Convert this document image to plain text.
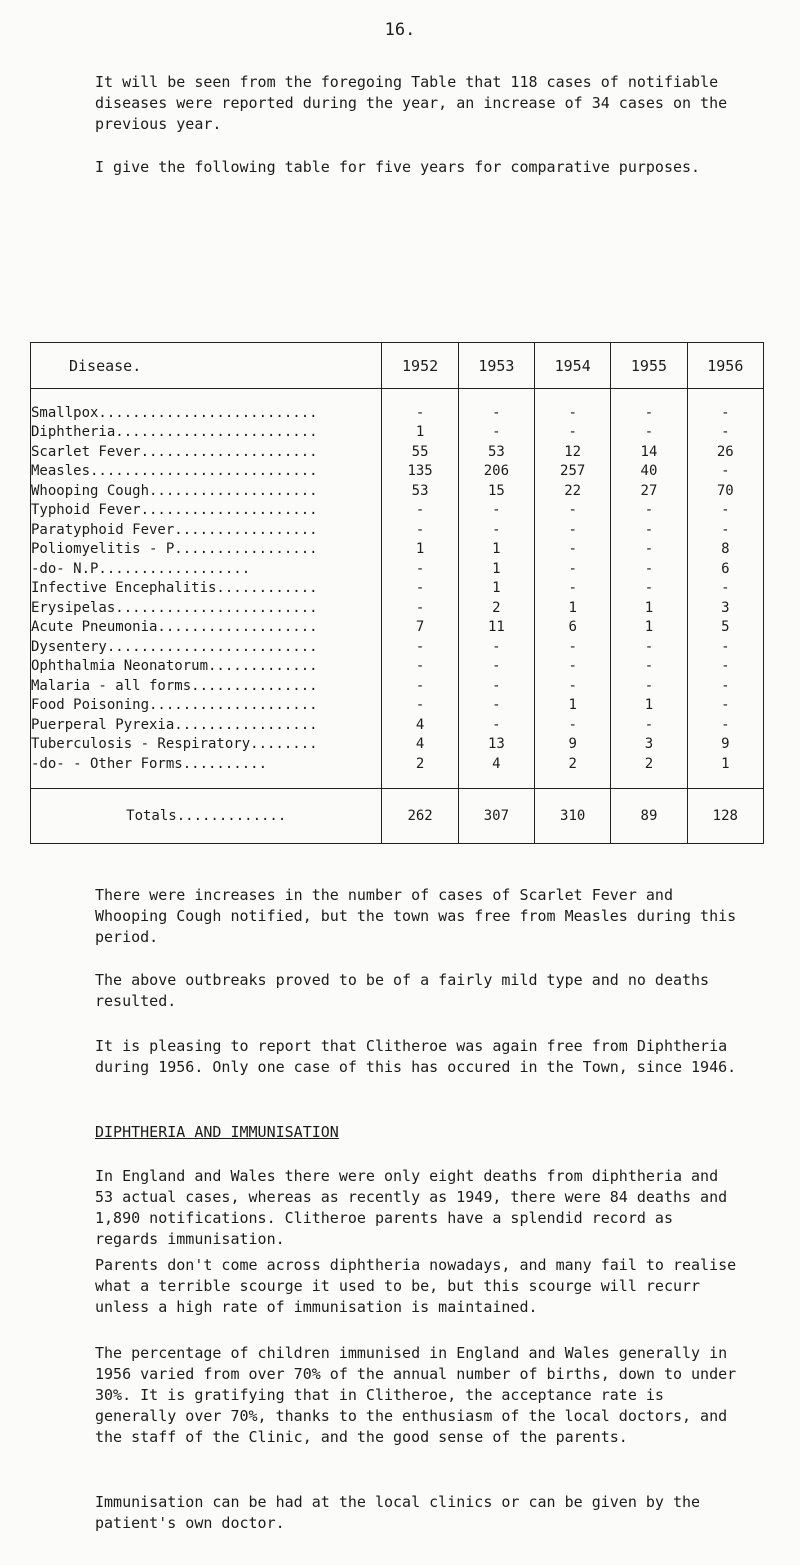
16.

It will be seen from the foregoing Table that 118 cases of notifiable diseases were reported during the year, an increase of 34 cases on the previous year.

I give the following table for five years for comparative purposes.

Disease.	1952	1953	1954	1955	1956
Smallpox..........................	-	-	-	-	-
Diphtheria........................	1	-	-	-	-
Scarlet Fever.....................	55	53	12	14	26
Measles...........................	135	206	257	40	-
Whooping Cough....................	53	15	22	27	70
Typhoid Fever.....................	-	-	-	-	-
Paratyphoid Fever.................	-	-	-	-	-
Poliomyelitis - P.................	1	1	-	-	8
-do- N.P..................	-	1	-	-	6
Infective Encephalitis............	-	1	-	-	-
Erysipelas........................	-	2	1	1	3
Acute Pneumonia...................	7	11	6	1	5
Dysentery.........................	-	-	-	-	-
Ophthalmia Neonatorum.............	-	-	-	-	-
Malaria - all forms...............	-	-	-	-	-
Food Poisoning....................	-	-	1	1	-
Puerperal Pyrexia.................	4	-	-	-	-
Tuberculosis - Respiratory........	4	13	9	3	9
-do- - Other Forms..........	2	4	2	2	1
Totals.............	262	307	310	89	128

There were increases in the number of cases of Scarlet Fever and Whooping Cough notified, but the town was free from Measles during this period.

The above outbreaks proved to be of a fairly mild type and no deaths resulted.

It is pleasing to report that Clitheroe was again free from Diphtheria during 1956. Only one case of this has occured in the Town, since 1946.

DIPHTHERIA AND IMMUNISATION

In England and Wales there were only eight deaths from diphtheria and 53 actual cases, whereas as recently as 1949, there were 84 deaths and 1,890 notifications. Clitheroe parents have a splendid record as regards immunisation.

Parents don't come across diphtheria nowadays, and many fail to realise what a terrible scourge it used to be, but this scourge will recurr unless a high rate of immunisation is maintained.

The percentage of children immunised in England and Wales generally in 1956 varied from over 70% of the annual number of births, down to under 30%. It is gratifying that in Clitheroe, the acceptance rate is generally over 70%, thanks to the enthusiasm of the local doctors, and the staff of the Clinic, and the good sense of the parents.

Immunisation can be had at the local clinics or can be given by the patient's own doctor.
